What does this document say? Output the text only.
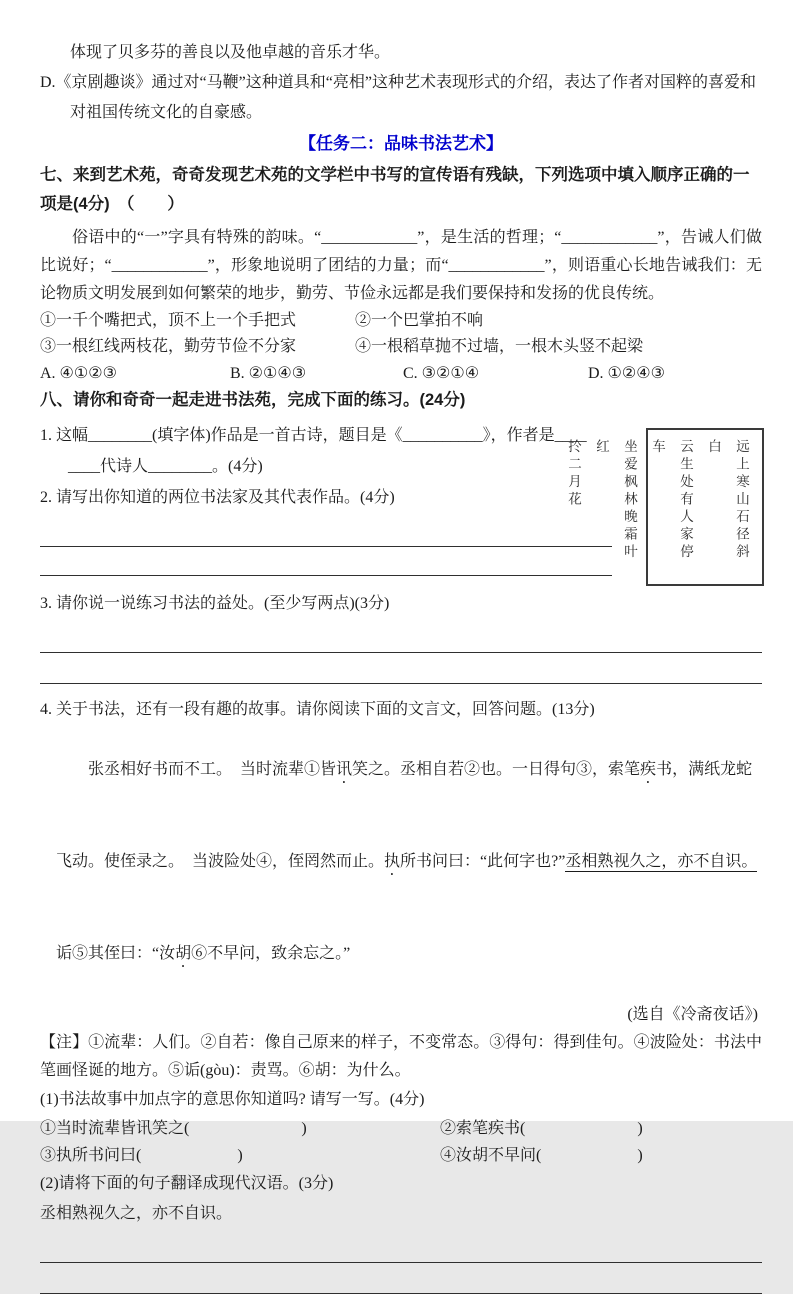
体现了贝多芬的善良以及他卓越的音乐才华。
D.《京剧趣谈》通过对“马鞭”这种道具和“亮相”这种艺术表现形式的介绍，表达了作者对国粹的喜爱和对祖国传统文化的自豪感。
【任务二：品味书法艺术】
七、来到艺术苑，奇奇发现艺术苑的文学栏中书写的宣传语有残缺，下列选项中填入顺序正确的一项是(4分)　（　　）
俗语中的“一”字具有特殊的韵味。“____________”，是生活的哲理；“____________”，告诫人们做比说好；“____________”，形象地说明了团结的力量；而“____________”，则语重心长地告诫我们：无论物质文明发展到如何繁荣的地步，勤劳、节俭永远都是我们要保持和发扬的优良传统。
①一千个嘴把式，顶不上一个手把式	②一个巴掌拍不响
③一根红线两枝花，勤劳节俭不分家	④一根稻草抛不过墙，一根木头竖不起梁
A. ④①②③	B. ②①④③	C. ③②①④	D. ①②④③
八、请你和奇奇一起走进书法苑，完成下面的练习。(24分)
远上寒山石径斜白
云生处有人家停车
坐爱枫林晚霜叶红
扵二月花
1. 这幅________(填字体)作品是一首古诗，题目是《__________》，作者是____
____代诗人________。(4分)
2. 请写出你知道的两位书法家及其代表作品。(4分)
3. 请你说一说练习书法的益处。(至少写两点)(3分)
4. 关于书法，还有一段有趣的故事。请你阅读下面的文言文，回答问题。(13分)

张丞相好书而不工。　当时流辈①皆讯笑之。丞相自若②也。一日得句③，索笔疾书，满纸龙蛇

飞动。使侄录之。　当波险处④，侄罔然而止。执所书问曰：“此何字也?”丞相熟视久之，亦不自识。

诟⑤其侄曰：“汝胡⑥不早问，致余忘之。”

(选自《冷斋夜话》)
【注】①流辈：人们。②自若：像自己原来的样子，不变常态。③得句：得到佳句。④波险处：书法中笔画怪诞的地方。⑤诟(gòu)：责骂。⑥胡：为什么。
(1)书法故事中加点字的意思你知道吗? 请写一写。(4分)
①当时流辈皆讯笑之(　　　　　　　)	②索笔疾书(　　　　　　　)
③执所书问曰(　　　　　　)	④汝胡不早问(　　　　　　)
(2)请将下面的句子翻译成现代汉语。(3分)
丞相熟视久之，亦不自识。
